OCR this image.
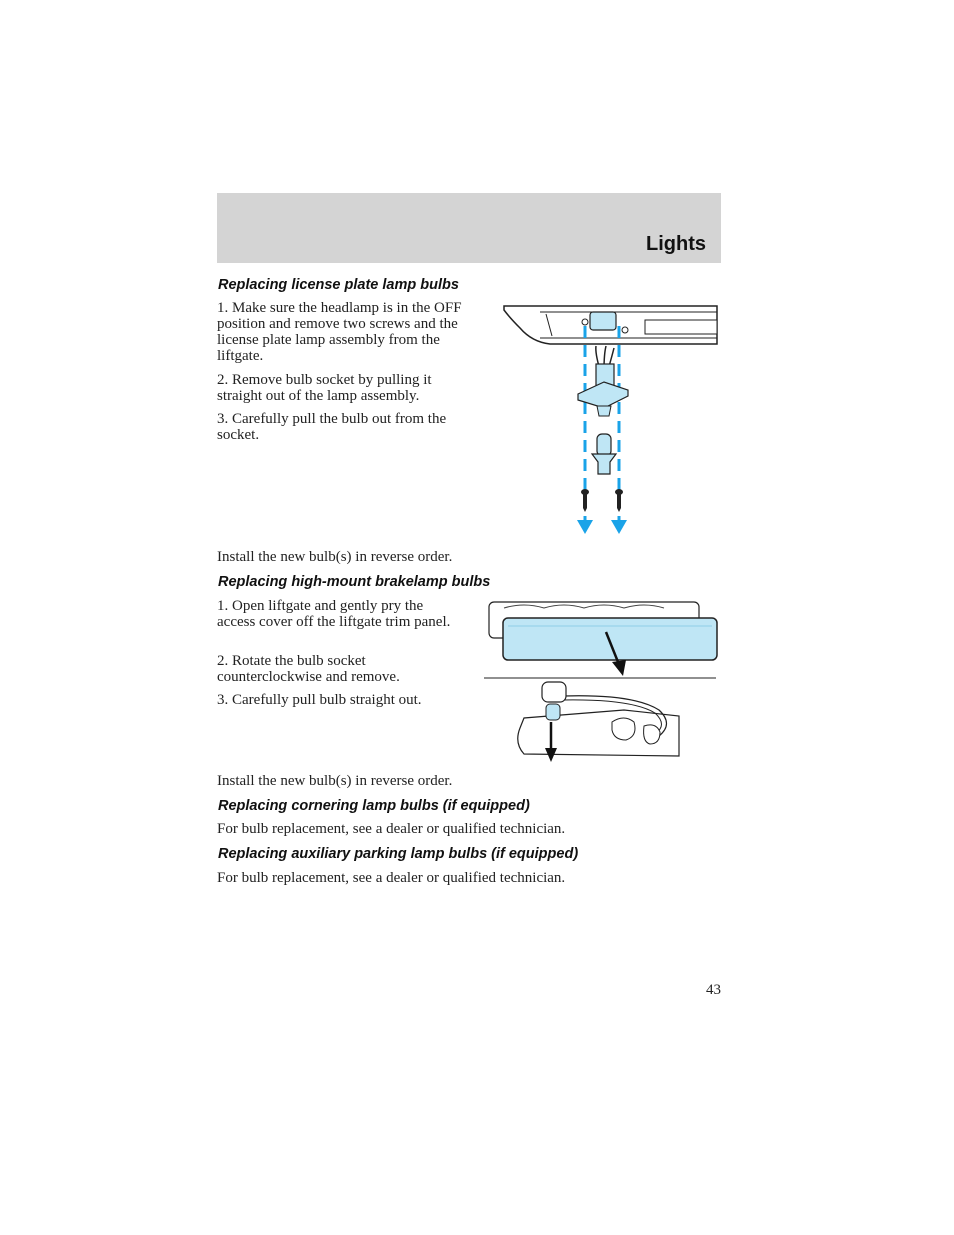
Lights
Replacing license plate lamp bulbs

1. Make sure the headlamp is in the OFF position and remove two screws and the license plate lamp assembly from the liftgate.

2. Remove bulb socket by pulling it straight out of the lamp assembly.

3. Carefully pull the bulb out from the socket.

Install the new bulb(s) in reverse order.

Replacing high-mount brakelamp bulbs

1. Open liftgate and gently pry the access cover off the liftgate trim panel.

2. Rotate the bulb socket counterclockwise and remove.

3. Carefully pull bulb straight out.

Install the new bulb(s) in reverse order.

Replacing cornering lamp bulbs (if equipped)

For bulb replacement, see a dealer or qualified technician.

Replacing auxiliary parking lamp bulbs (if equipped)

For bulb replacement, see a dealer or qualified technician.

43
